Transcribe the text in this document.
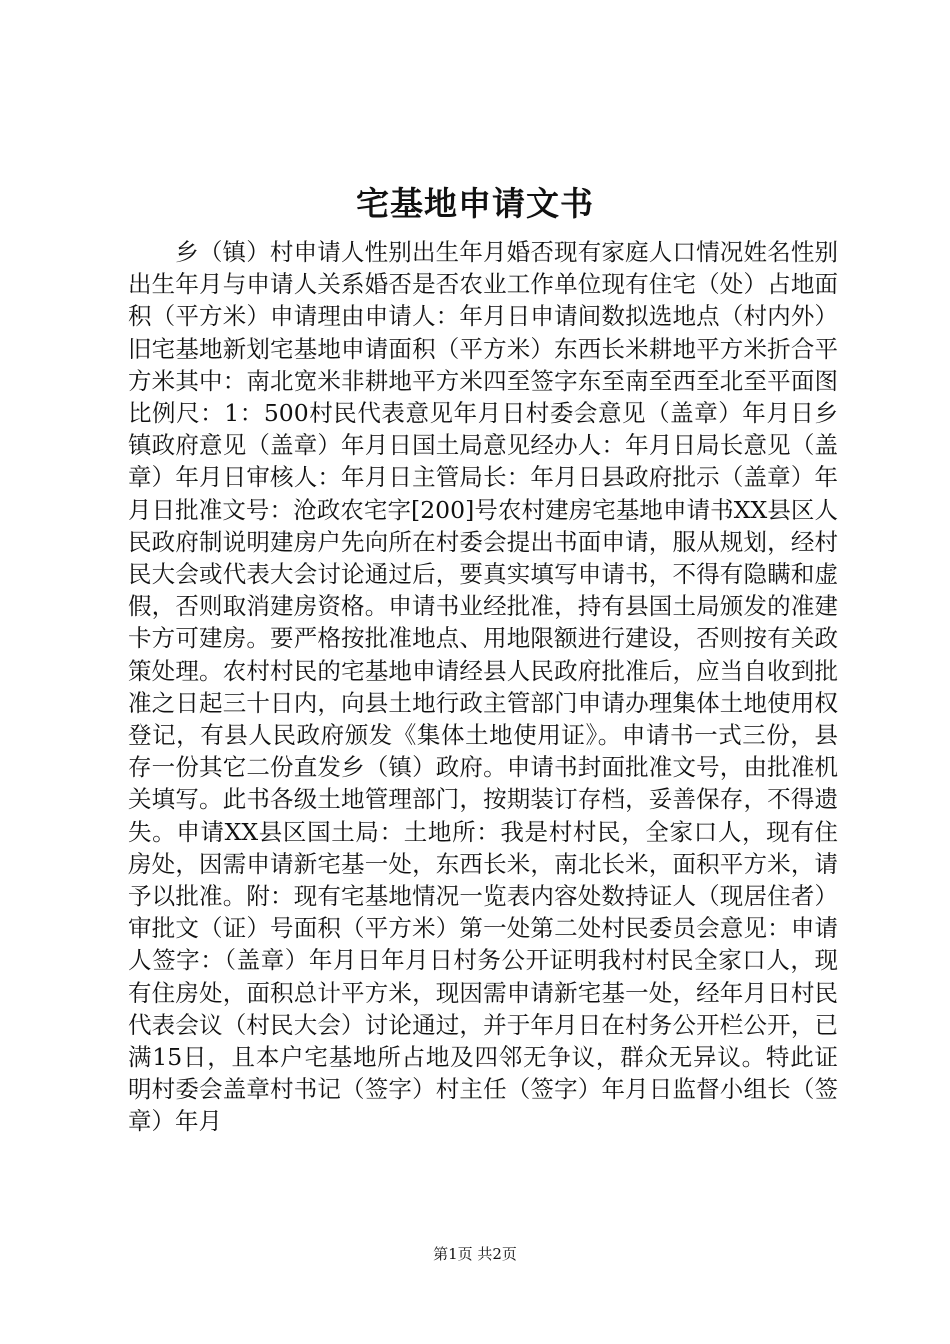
宅基地申请文书

乡（镇）村申请人性别出生年月婚否现有家庭人口情况姓名性别出生年月与申请人关系婚否是否农业工作单位现有住宅（处）占地面积（平方米）申请理由申请人：年月日申请间数拟选地点（村内外）旧宅基地新划宅基地申请面积（平方米）东西长米耕地平方米折合平方米其中：南北宽米非耕地平方米四至签字东至南至西至北至平面图比例尺：1：500村民代表意见年月日村委会意见（盖章）年月日乡镇政府意见（盖章）年月日国土局意见经办人：年月日局长意见（盖章）年月日审核人：年月日主管局长：年月日县政府批示（盖章）年月日批准文号：沧政农宅字[200]号农村建房宅基地申请书XX县区人民政府制说明建房户先向所在村委会提出书面申请，服从规划，经村民大会或代表大会讨论通过后，要真实填写申请书，不得有隐瞒和虚假，否则取消建房资格。申请书业经批准，持有县国土局颁发的准建卡方可建房。要严格按批准地点、用地限额进行建设，否则按有关政策处理。农村村民的宅基地申请经县人民政府批准后，应当自收到批准之日起三十日内，向县土地行政主管部门申请办理集体土地使用权登记，有县人民政府颁发《集体土地使用证》。申请书一式三份，县存一份其它二份直发乡（镇）政府。申请书封面批准文号，由批准机关填写。此书各级土地管理部门，按期装订存档，妥善保存，不得遗失。申请XX县区国土局：土地所：我是村村民，全家口人，现有住房处，因需申请新宅基一处，东西长米，南北长米，面积平方米，请予以批准。附：现有宅基地情况一览表内容处数持证人（现居住者）审批文（证）号面积（平方米）第一处第二处村民委员会意见：申请人签字：（盖章）年月日年月日村务公开证明我村村民全家口人，现有住房处，面积总计平方米，现因需申请新宅基一处，经年月日村民代表会议（村民大会）讨论通过，并于年月日在村务公开栏公开，已满15日，且本户宅基地所占地及四邻无争议，群众无异议。特此证明村委会盖章村书记（签字）村主任（签字）年月日监督小组长（签章）年月

第1页 共2页
